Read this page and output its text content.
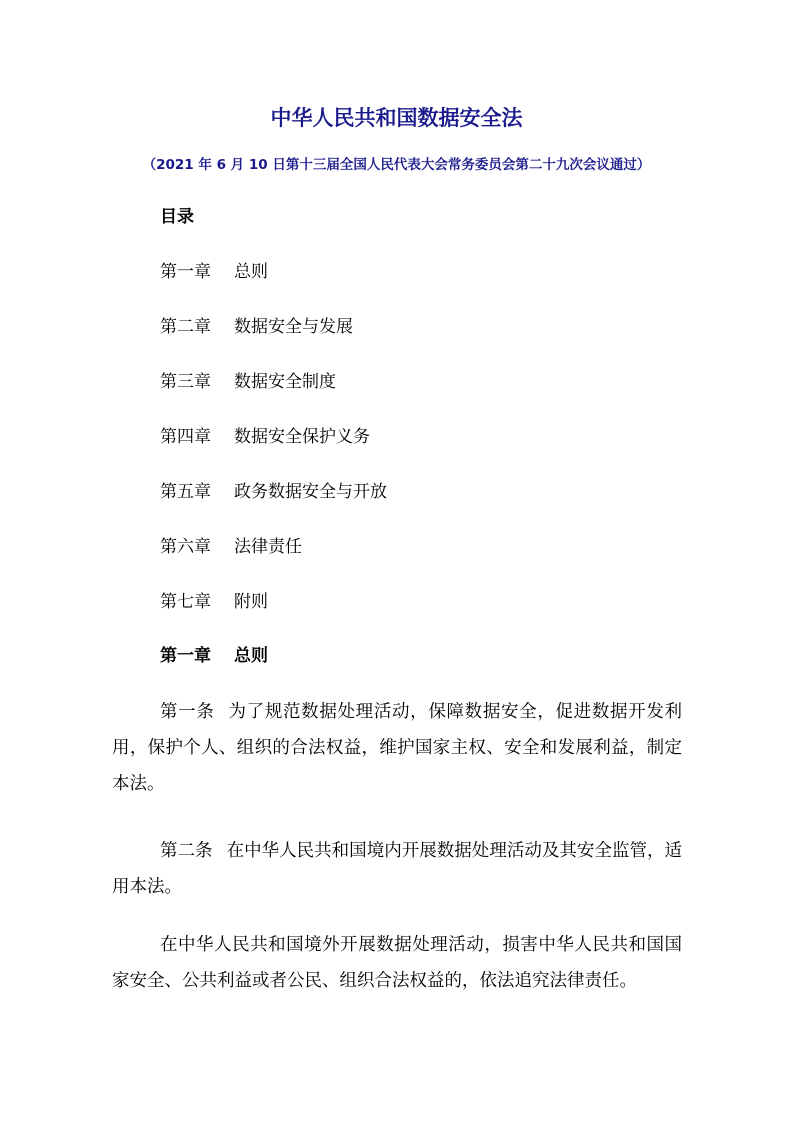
中华人民共和国数据安全法
（2021 年 6 月 10 日第十三届全国人民代表大会常务委员会第二十九次会议通过）
目录
第一章 总则
第二章 数据安全与发展
第三章 数据安全制度
第四章 数据安全保护义务
第五章 政务数据安全与开放
第六章 法律责任
第七章 附则
第一章 总则
第一条 为了规范数据处理活动，保障数据安全，促进数据开发利用，保护个人、组织的合法权益，维护国家主权、安全和发展利益，制定本法。
第二条 在中华人民共和国境内开展数据处理活动及其安全监管，适用本法。
在中华人民共和国境外开展数据处理活动，损害中华人民共和国国家安全、公共利益或者公民、组织合法权益的，依法追究法律责任。
